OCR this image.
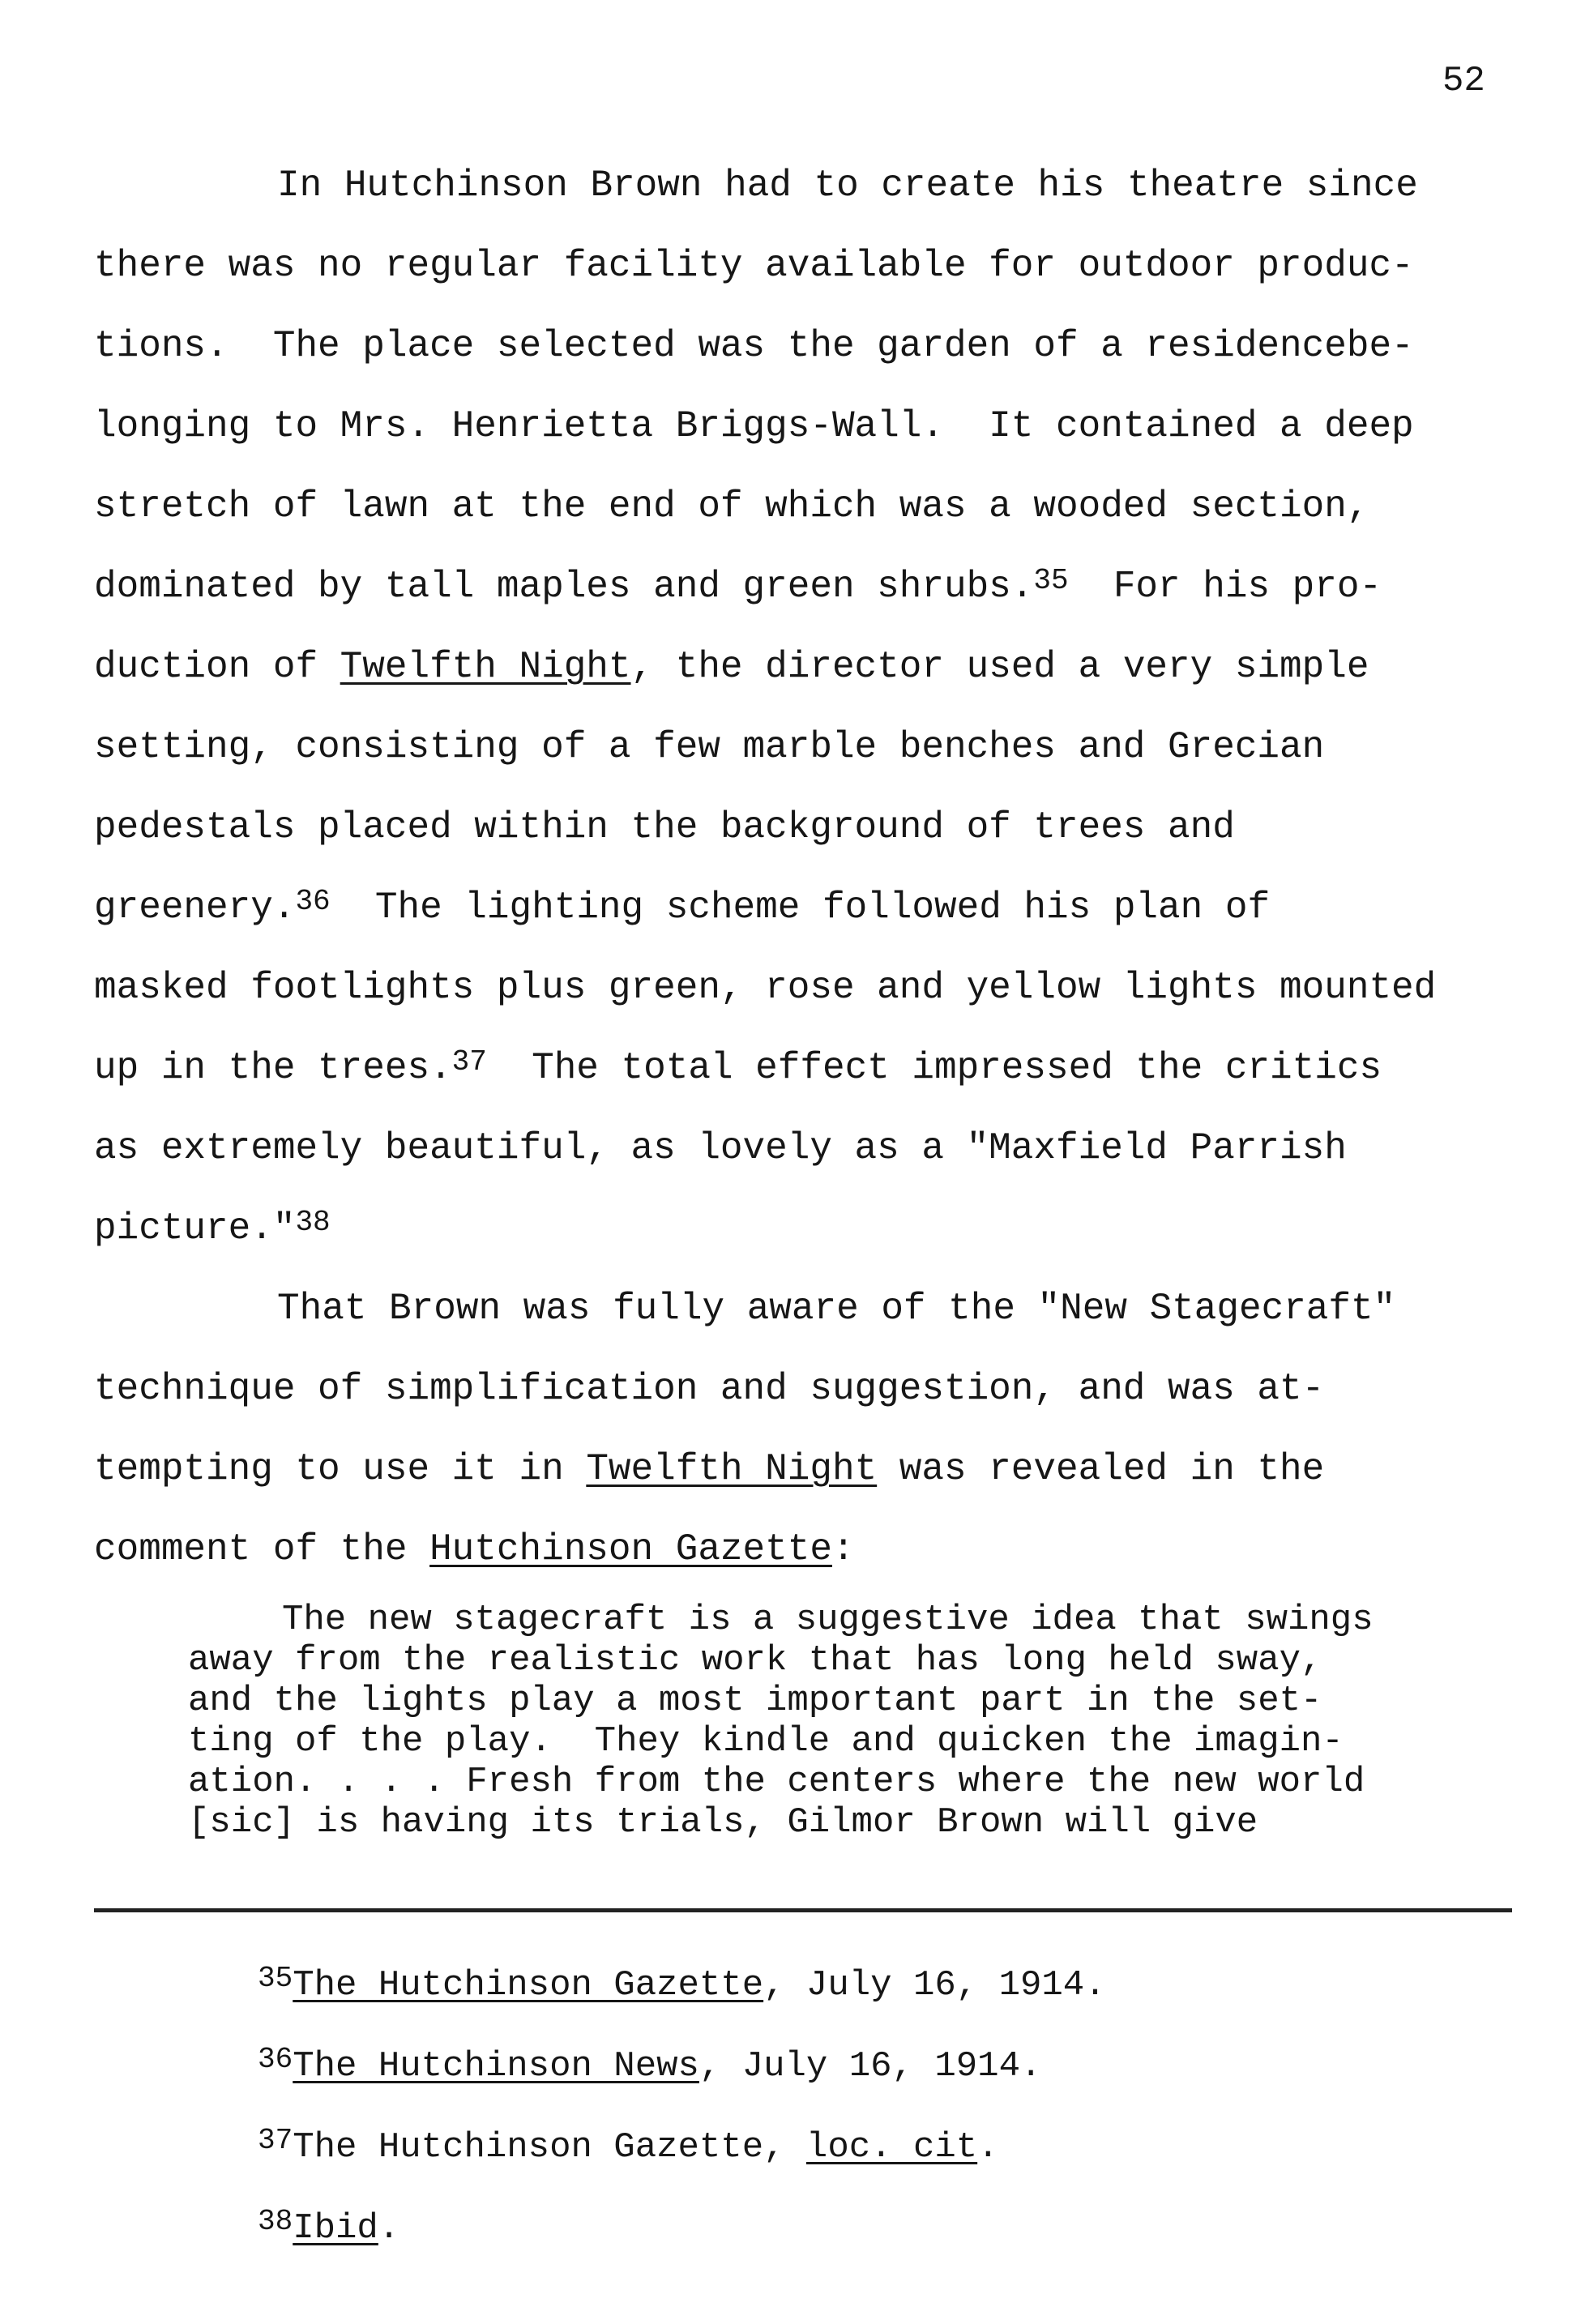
52
In Hutchinson Brown had to create his theatre since
there was no regular facility available for outdoor produc-
tions.  The place selected was the garden of a residencebe-
longing to Mrs. Henrietta Briggs-Wall.  It contained a deep
stretch of lawn at the end of which was a wooded section,
dominated by tall maples and green shrubs.$^{35}$  For his pro-
duction of Twelfth Night, the director used a very simple
setting, consisting of a few marble benches and Grecian
pedestals placed within the background of trees and
greenery.$^{36}$  The lighting scheme followed his plan of
masked footlights plus green, rose and yellow lights mounted
up in the trees.$^{37}$  The total effect impressed the critics
as extremely beautiful, as lovely as a "Maxfield Parrish
picture."$^{38}$
That Brown was fully aware of the "New Stagecraft"
technique of simplification and suggestion, and was at-
tempting to use it in Twelfth Night was revealed in the
comment of the Hutchinson Gazette:
The new stagecraft is a suggestive idea that swings
away from the realistic work that has long held sway,
and the lights play a most important part in the set-
ting of the play.  They kindle and quicken the imagin-
ation. . . . Fresh from the centers where the new world
[sic] is having its trials, Gilmor Brown will give
$^{35}$The Hutchinson Gazette, July 16, 1914.
$^{36}$The Hutchinson News, July 16, 1914.
$^{37}$The Hutchinson Gazette, loc. cit.
$^{38}$Ibid.
